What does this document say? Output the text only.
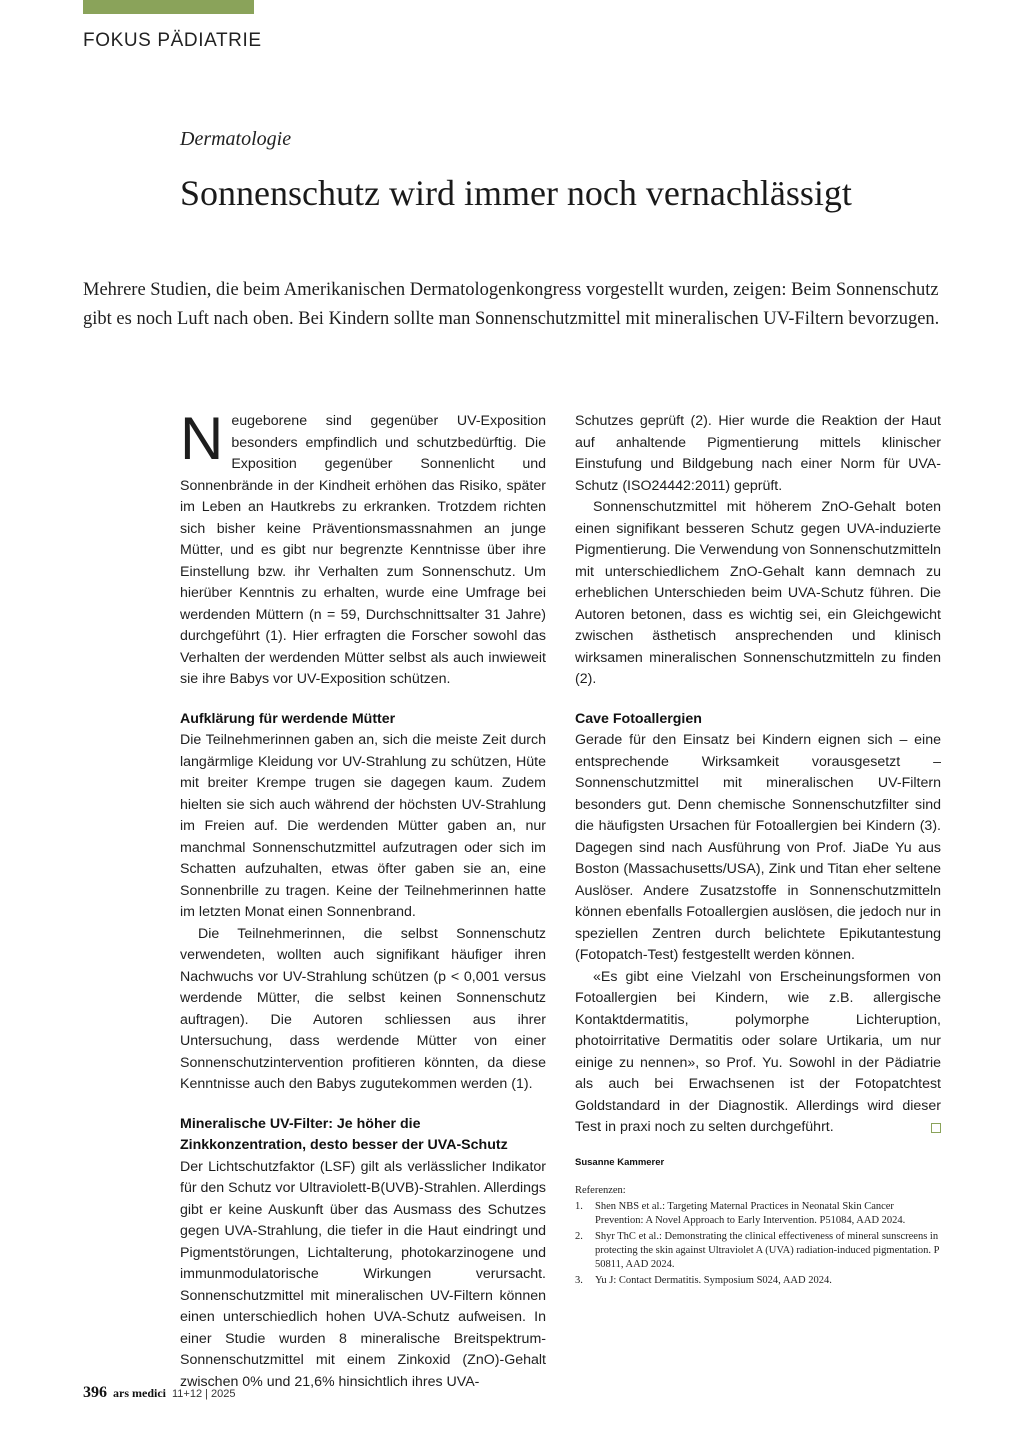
FOKUS PÄDIATRIE
Dermatologie
Sonnenschutz wird immer noch vernachlässigt

Mehrere Studien, die beim Amerikanischen Dermatologenkongress vorgestellt wurden, zeigen: Beim Sonnenschutz gibt es noch Luft nach oben. Bei Kindern sollte man Sonnenschutzmittel mit mineralischen UV-Filtern bevorzugen.

Neugeborene sind gegenüber UV-Exposition besonders empfindlich und schutzbedürftig. Die Exposition gegenüber Sonnenlicht und Sonnenbrände in der Kindheit erhöhen das Risiko, später im Leben an Hautkrebs zu erkranken. Trotzdem richten sich bisher keine Präventionsmassnahmen an junge Mütter, und es gibt nur begrenzte Kenntnisse über ihre Einstellung bzw. ihr Verhalten zum Sonnenschutz. Um hierüber Kenntnis zu erhalten, wurde eine Umfrage bei werdenden Müttern (n = 59, Durchschnittsalter 31 Jahre) durchgeführt (1). Hier erfragten die Forscher sowohl das Verhalten der werdenden Mütter selbst als auch inwieweit sie ihre Babys vor UV-Exposition schützen.

Aufklärung für werdende Mütter

Die Teilnehmerinnen gaben an, sich die meiste Zeit durch langärmlige Kleidung vor UV-Strahlung zu schützen, Hüte mit breiter Krempe trugen sie dagegen kaum. Zudem hielten sie sich auch während der höchsten UV-Strahlung im Freien auf. Die werdenden Mütter gaben an, nur manchmal Sonnenschutzmittel aufzutragen oder sich im Schatten aufzuhalten, etwas öfter gaben sie an, eine Sonnenbrille zu tragen. Keine der Teilnehmerinnen hatte im letzten Monat einen Sonnenbrand.

Die Teilnehmerinnen, die selbst Sonnenschutz verwendeten, wollten auch signifikant häufiger ihren Nachwuchs vor UV-Strahlung schützen (p < 0,001 versus werdende Mütter, die selbst keinen Sonnenschutz auftragen). Die Autoren schliessen aus ihrer Untersuchung, dass werdende Mütter von einer Sonnenschutzintervention profitieren könnten, da diese Kenntnisse auch den Babys zugutekommen werden (1).

Mineralische UV-Filter: Je höher die Zinkkonzentration, desto besser der UVA-Schutz

Der Lichtschutzfaktor (LSF) gilt als verlässlicher Indikator für den Schutz vor Ultraviolett-B(UVB)-Strahlen. Allerdings gibt er keine Auskunft über das Ausmass des Schutzes gegen UVA-Strahlung, die tiefer in die Haut eindringt und Pigmentstörungen, Lichtalterung, photokarzinogene und immunmodulatorische Wirkungen verursacht. Sonnenschutzmittel mit mineralischen UV-Filtern können einen unterschiedlich hohen UVA-Schutz aufweisen. In einer Studie wurden 8 mineralische Breitspektrum-Sonnenschutzmittel mit einem Zinkoxid (ZnO)-Gehalt zwischen 0% und 21,6% hinsichtlich ihres UVA-

Schutzes geprüft (2). Hier wurde die Reaktion der Haut auf anhaltende Pigmentierung mittels klinischer Einstufung und Bildgebung nach einer Norm für UVA-Schutz (ISO24442:2011) geprüft.

Sonnenschutzmittel mit höherem ZnO-Gehalt boten einen signifikant besseren Schutz gegen UVA-induzierte Pigmentierung. Die Verwendung von Sonnenschutzmitteln mit unterschiedlichem ZnO-Gehalt kann demnach zu erheblichen Unterschieden beim UVA-Schutz führen. Die Autoren betonen, dass es wichtig sei, ein Gleichgewicht zwischen ästhetisch ansprechenden und klinisch wirksamen mineralischen Sonnenschutzmitteln zu finden (2).

Cave Fotoallergien

Gerade für den Einsatz bei Kindern eignen sich – eine entsprechende Wirksamkeit vorausgesetzt – Sonnenschutzmittel mit mineralischen UV-Filtern besonders gut. Denn chemische Sonnenschutzfilter sind die häufigsten Ursachen für Fotoallergien bei Kindern (3). Dagegen sind nach Ausführung von Prof. JiaDe Yu aus Boston (Massachusetts/USA), Zink und Titan eher seltene Auslöser. Andere Zusatzstoffe in Sonnenschutzmitteln können ebenfalls Fotoallergien auslösen, die jedoch nur in speziellen Zentren durch belichtete Epikutantestung (Fotopatch-Test) festgestellt werden können.

«Es gibt eine Vielzahl von Erscheinungsformen von Fotoallergien bei Kindern, wie z.B. allergische Kontaktdermatitis, polymorphe Lichteruption, photoirritative Dermatitis oder solare Urtikaria, um nur einige zu nennen», so Prof. Yu. Sowohl in der Pädiatrie als auch bei Erwachsenen ist der Fotopatchtest Goldstandard in der Diagnostik. Allerdings wird dieser Test in praxi noch zu selten durchgeführt.

Susanne Kammerer
Referenzen:
1.	Shen NBS et al.: Targeting Maternal Practices in Neonatal Skin Cancer Prevention: A Novel Approach to Early Intervention. P51084, AAD 2024.
2.	Shyr ThC et al.: Demonstrating the clinical effectiveness of mineral sunscreens in protecting the skin against Ultraviolet A (UVA) radiation-induced pigmentation. P 50811, AAD 2024.
3.	Yu J: Contact Dermatitis. Symposium S024, AAD 2024.
396 ars medici 11+12 | 2025
